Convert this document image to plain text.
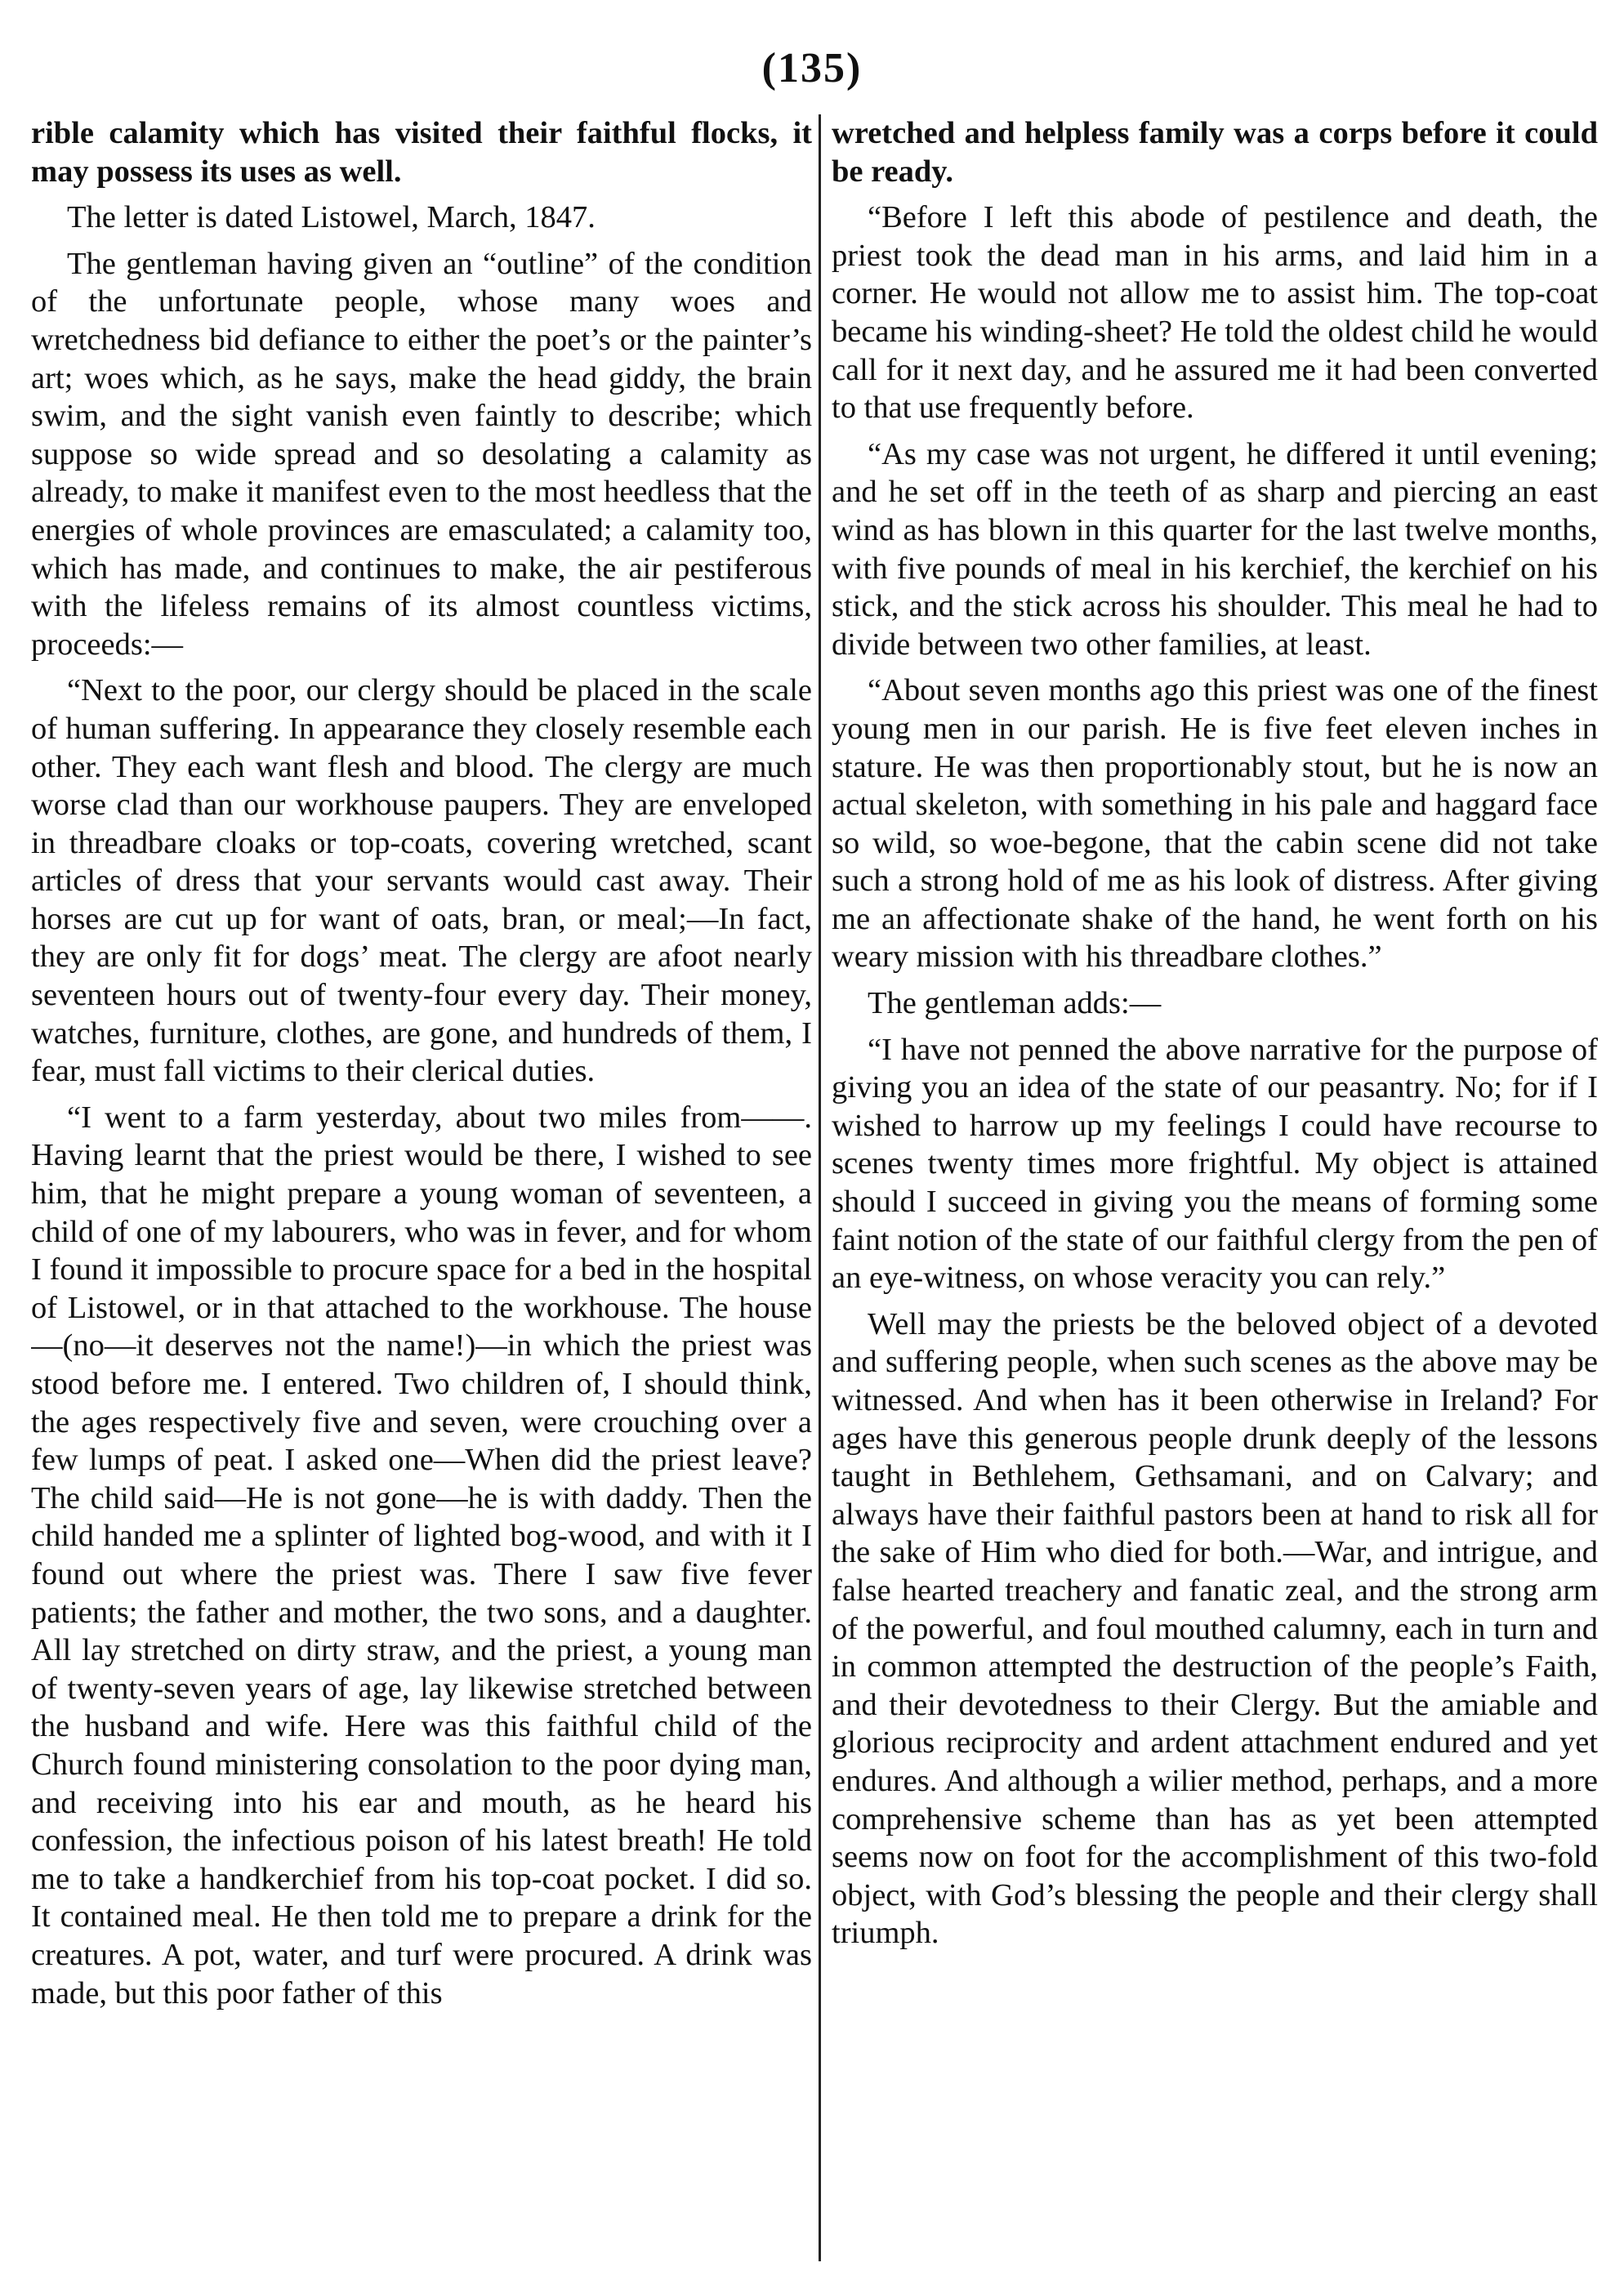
(135)

rible calamity which has visited their faithful flocks, it may possess its uses as well.

The letter is dated Listowel, March, 1847.

The gentleman having given an “outline” of the condition of the unfortunate people, whose many woes and wretchedness bid defiance to either the poet’s or the painter’s art; woes which, as he says, make the head giddy, the brain swim, and the sight vanish even faintly to describe; which suppose so wide spread and so desolating a calamity as already, to make it manifest even to the most heedless that the energies of whole provinces are emasculated; a calamity too, which has made, and continues to make, the air pestiferous with the lifeless remains of its almost countless victims, proceeds:—

“Next to the poor, our clergy should be placed in the scale of human suffering. In appearance they closely resemble each other. They each want flesh and blood. The clergy are much worse clad than our workhouse paupers. They are enveloped in threadbare cloaks or top-coats, covering wretched, scant articles of dress that your servants would cast away. Their horses are cut up for want of oats, bran, or meal;—In fact, they are only fit for dogs’ meat. The clergy are afoot nearly seventeen hours out of twenty-four every day. Their money, watches, furniture, clothes, are gone, and hundreds of them, I fear, must fall victims to their clerical duties.

“I went to a farm yesterday, about two miles from——. Having learnt that the priest would be there, I wished to see him, that he might prepare a young woman of seventeen, a child of one of my labourers, who was in fever, and for whom I found it impossible to procure space for a bed in the hospital of Listowel, or in that attached to the workhouse. The house—(no—it deserves not the name!)—in which the priest was stood before me. I entered. Two children of, I should think, the ages respectively five and seven, were crouching over a few lumps of peat. I asked one—When did the priest leave? The child said—He is not gone—he is with daddy. Then the child handed me a splinter of lighted bog-wood, and with it I found out where the priest was. There I saw five fever patients; the father and mother, the two sons, and a daughter. All lay stretched on dirty straw, and the priest, a young man of twenty-seven years of age, lay likewise stretched between the husband and wife. Here was this faithful child of the Church found ministering consolation to the poor dying man, and receiving into his ear and mouth, as he heard his confession, the infectious poison of his latest breath! He told me to take a handkerchief from his top-coat pocket. I did so. It contained meal. He then told me to prepare a drink for the creatures. A pot, water, and turf were procured. A drink was made, but this poor father of this

wretched and helpless family was a corps before it could be ready.

“Before I left this abode of pestilence and death, the priest took the dead man in his arms, and laid him in a corner. He would not allow me to assist him. The top-coat became his winding-sheet? He told the oldest child he would call for it next day, and he assured me it had been converted to that use frequently before.

“As my case was not urgent, he differed it until evening; and he set off in the teeth of as sharp and piercing an east wind as has blown in this quarter for the last twelve months, with five pounds of meal in his kerchief, the kerchief on his stick, and the stick across his shoulder. This meal he had to divide between two other families, at least.

“About seven months ago this priest was one of the finest young men in our parish. He is five feet eleven inches in stature. He was then proportionably stout, but he is now an actual skeleton, with something in his pale and haggard face so wild, so woe-begone, that the cabin scene did not take such a strong hold of me as his look of distress. After giving me an affectionate shake of the hand, he went forth on his weary mission with his threadbare clothes.”

The gentleman adds:—

“I have not penned the above narrative for the purpose of giving you an idea of the state of our peasantry. No; for if I wished to harrow up my feelings I could have recourse to scenes twenty times more frightful. My object is attained should I succeed in giving you the means of forming some faint notion of the state of our faithful clergy from the pen of an eye-witness, on whose veracity you can rely.”

Well may the priests be the beloved object of a devoted and suffering people, when such scenes as the above may be witnessed. And when has it been otherwise in Ireland? For ages have this generous people drunk deeply of the lessons taught in Bethlehem, Gethsamani, and on Calvary; and always have their faithful pastors been at hand to risk all for the sake of Him who died for both.—War, and intrigue, and false hearted treachery and fanatic zeal, and the strong arm of the powerful, and foul mouthed calumny, each in turn and in common attempted the destruction of the people’s Faith, and their devotedness to their Clergy. But the amiable and glorious reciprocity and ardent attachment endured and yet endures. And although a wilier method, perhaps, and a more comprehensive scheme than has as yet been attempted seems now on foot for the accomplishment of this two-fold object, with God’s blessing the people and their clergy shall triumph.
